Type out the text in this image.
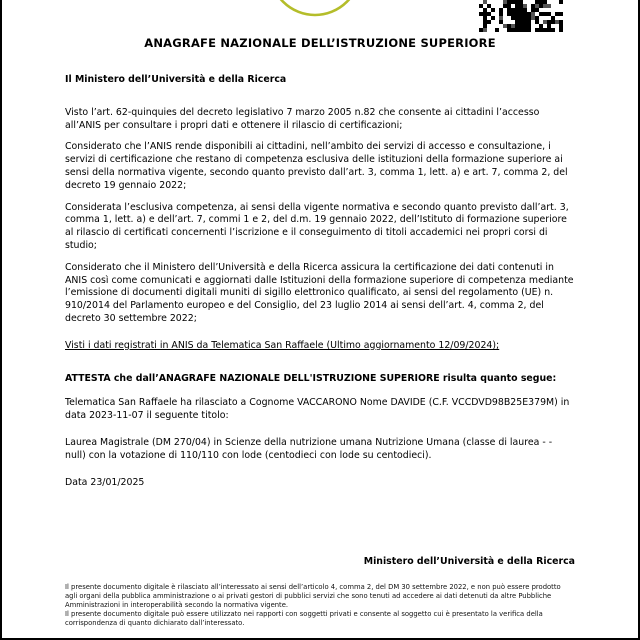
ANAGRAFE NAZIONALE DELL’ISTRUZIONE SUPERIORE

Il Ministero dell’Università e della Ricerca

Visto l’art. 62-quinquies del decreto legislativo 7 marzo 2005 n.82 che consente ai cittadini l’accesso all’ANIS per consultare i propri dati e ottenere il rilascio di certificazioni;

Considerato che l’ANIS rende disponibili ai cittadini, nell’ambito dei servizi di accesso e consultazione, i servizi di certificazione che restano di competenza esclusiva delle istituzioni della formazione superiore ai sensi della normativa vigente, secondo quanto previsto dall’art. 3, comma 1, lett. a) e art. 7, comma 2, del decreto 19 gennaio 2022;

Considerata l’esclusiva competenza, ai sensi della vigente normativa e secondo quanto previsto dall’art. 3, comma 1, lett. a) e dell’art. 7, commi 1 e 2, del d.m. 19 gennaio 2022, dell’Istituto di formazione superiore al rilascio di certificati concernenti l’iscrizione e il conseguimento di titoli accademici nei propri corsi di studio;

Considerato che il Ministero dell’Università e della Ricerca assicura la certificazione dei dati contenuti in ANIS così come comunicati e aggiornati dalle Istituzioni della formazione superiore di competenza mediante l’emissione di documenti digitali muniti di sigillo elettronico qualificato, ai sensi del regolamento (UE) n. 910/2014 del Parlamento europeo e del Consiglio, del 23 luglio 2014 ai sensi dell’art. 4, comma 2, del decreto 30 settembre 2022;

Visti i dati registrati in ANIS da Telematica San Raffaele (Ultimo aggiornamento 12/09/2024);

ATTESTA che dall’ANAGRAFE NAZIONALE DELL'ISTRUZIONE SUPERIORE risulta quanto segue:

Telematica San Raffaele ha rilasciato a Cognome VACCARONO Nome DAVIDE (C.F. VCCDVD98B25E379M) in data 2023-11-07 il seguente titolo:

Laurea Magistrale (DM 270/04) in Scienze della nutrizione umana Nutrizione Umana (classe di laurea - - null) con la votazione di 110/110 con lode (centodieci con lode su centodieci).

Data 23/01/2025

Ministero dell’Università e della Ricerca

Il presente documento digitale è rilasciato all’interessato ai sensi dell’articolo 4, comma 2, del DM 30 settembre 2022, e non può essere prodotto agli organi della pubblica amministrazione o ai privati gestori di pubblici servizi che sono tenuti ad accedere ai dati detenuti da altre Pubbliche Amministrazioni in interoperabilità secondo la normativa vigente.

Il presente documento digitale può essere utilizzato nei rapporti con soggetti privati e consente al soggetto cui è presentato la verifica della corrispondenza di quanto dichiarato dall’interessato.
